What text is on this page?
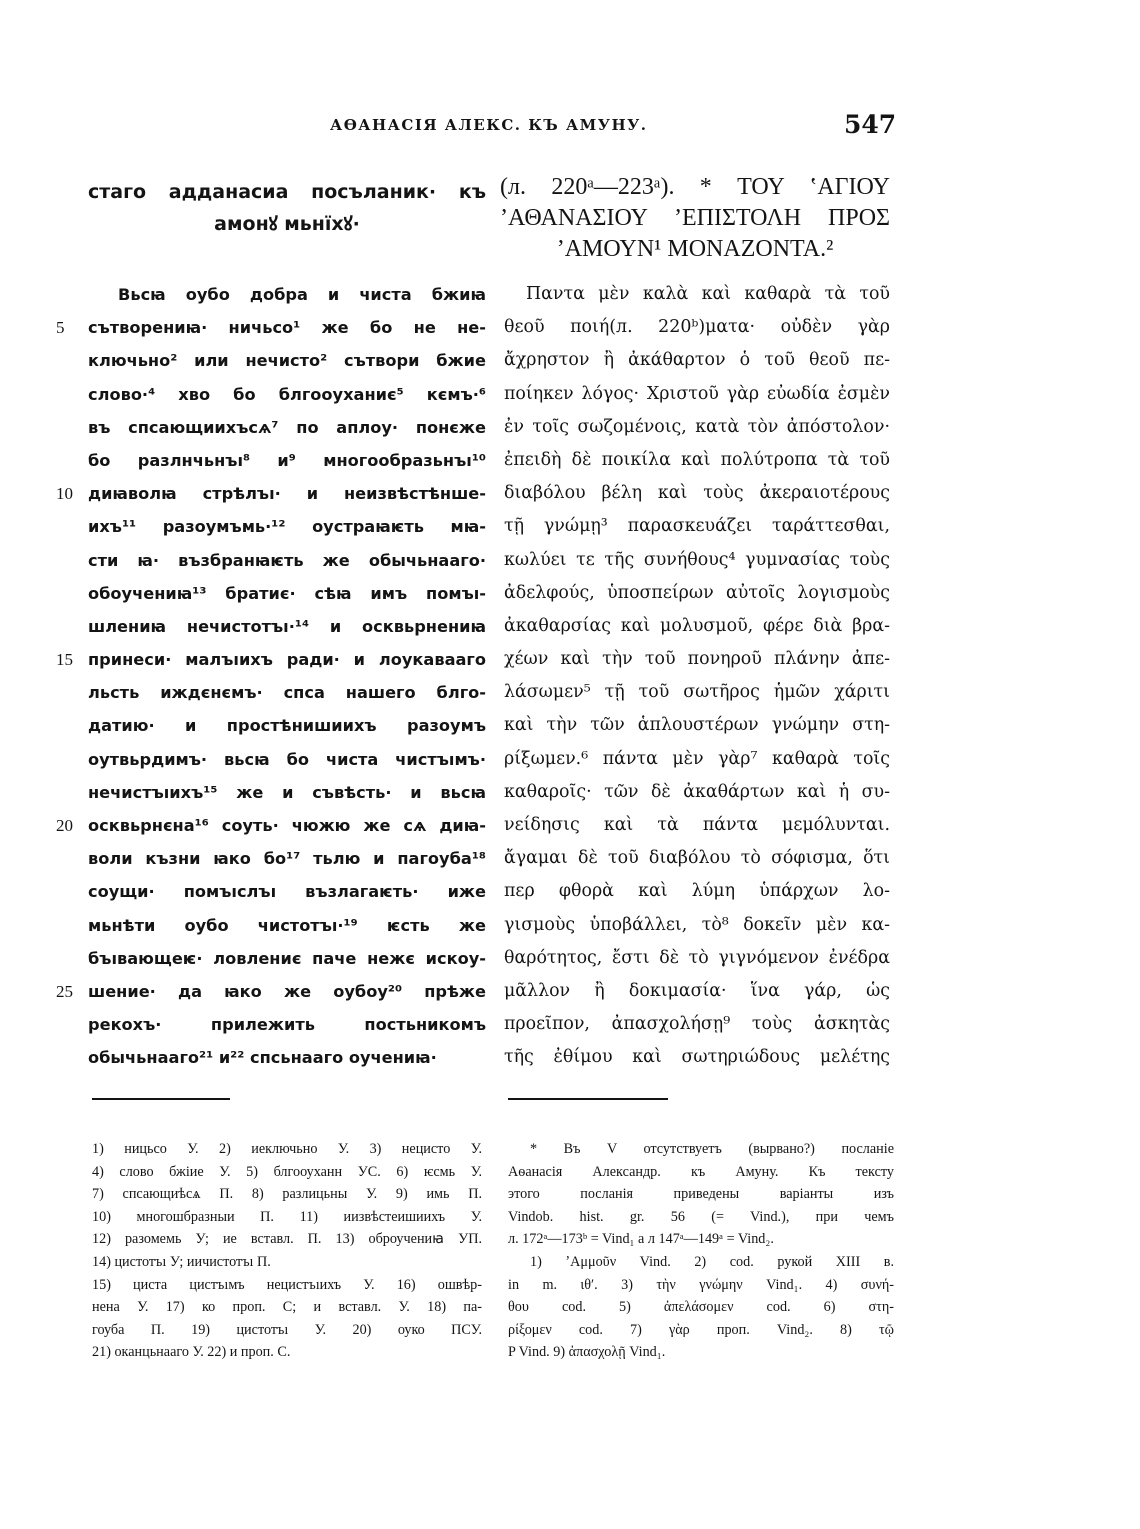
АѲАНАСІЯ АЛЕКС. КЪ АМУНУ.	547
стаго адданасиа посъланик· къ
амонꙋ мьнїхꙋ·
(л. 220ᵃ—223ᵃ). * ΤΟΥ ʽΑΓΙΟΥ
ʼΑΘΑΝΑΣΙΟΥ ʼΕΠΙΣΤΟΛΗ ΠΡΟΣ
ʼΑΜΟΥΝ¹ ΜΟΝΑΖΟΝΤΑ.²
5
10
15
20
25
Вьсꙗ оубо добра и чиста бжиꙗ
сътворениꙗ· ничьсо¹ же бо не не-
ключьно² или нечисто² сътвори бжие
слово·⁴ хво бо блгооуханиє⁵ кємъ·⁶
въ спсающиихъсѧ⁷ по аплоу· понєже
бо разлнчьнъı⁸ и⁹ многообразьнъı¹⁰
диꙗволꙗ стрѣлъı· и неизвѣстѣнше-
ихъ¹¹ разоумъмь·¹² оустраꙗѥть мꙗ-
сти ꙗ· възбранꙗѥть же обычьнааго·
обоучениꙗ¹³ братиє· сѣꙗ имъ помъı-
шлениꙗ нечистотъı·¹⁴ и осквьрнениꙗ
принеси· малъıихъ ради· и лоукавааго
льсть иждєнємъ· спса нашего блго-
датию· и простѣнишиихъ разоумъ
оутвьрдимъ· вьсꙗ бо чиста чистъıмъ·
нечистъıихъ¹⁵ же и съвѣсть· и вьсꙗ
осквьрнєна¹⁶ соуть· чюжю же сѧ диꙗ-
воли къзни ꙗко бо¹⁷ тьлю и пагоуба¹⁸
соущи· помъıслъı възлагаѥть· иже
мьнѣти оубо чистотъı·¹⁹ ѥсть же
бъıвающеѥ· ловлениє паче нежє искоу-
шение· да ꙗко же оубоу²⁰ прѣже
рекохъ· прилежить постьникомъ
обычьнааго²¹ и²² спсьнааго оучениꙗ·
Παντα μὲν καλὰ καὶ καθαρὰ τὰ τοῦ
θεοῦ ποιή(л. 220ᵇ)ματα· οὐδὲν γὰρ
ἄχρηστον ἢ ἀκάθαρτον ὁ τοῦ θεοῦ πε-
ποίηκεν λόγος· Χριστοῦ γὰρ εὐωδία ἐσμὲν
ἐν τοῖς σωζομένοις, κατὰ τὸν ἀπόστολον·
ἐπειδὴ δὲ ποικίλα καὶ πολύτροπα τὰ τοῦ
διαβόλου βέλη καὶ τοὺς ἀκεραιοτέρους
τῇ γνώμῃ³ παρασκευάζει ταράττεσθαι,
κωλύει τε τῆς συνήθους⁴ γυμνασίας τοὺς
ἀδελφούς, ὑποσπείρων αὐτοῖς λογισμοὺς
ἀκαθαρσίας καὶ μολυσμοῦ, φέρε διὰ βρα-
χέων καὶ τὴν τοῦ πονηροῦ πλάνην ἀπε-
λάσωμεν⁵ τῇ τοῦ σωτῆρος ἡμῶν χάριτι
καὶ τὴν τῶν ἁπλουστέρων γνώμην στη-
ρίξωμεν.⁶ πάντα μὲν γὰρ⁷ καθαρὰ τοῖς
καθαροῖς· τῶν δὲ ἀκαθάρτων καὶ ἡ συ-
νείδησις καὶ τὰ πάντα μεμόλυνται.
ἄγαμαι δὲ τοῦ διαβόλου τὸ σόφισμα, ὅτι
περ φθορὰ καὶ λύμη ὑπάρχων λο-
γισμοὺς ὑποβάλλει, τὸ⁸ δοκεῖν μὲν κα-
θαρότητος, ἔστι δὲ τὸ γιγνόμενον ἐνέδρα
μᾶλλον ἢ δοκιμασία· ἵνα γάρ, ὡς
προεῖπον, ἀπασχολήσῃ⁹ τοὺς ἀσκητὰς
τῆς ἐθίμου καὶ σωτηριώδους μελέτης
1) ницьсо У. 2) иеключьно У. 3) нецисто У.
4) слово бжiие У. 5) блгооуханн УС. 6) ѥсмь У.
7) спсающиѣсѧ П. 8) разлицьны У. 9) имь П.
10) многошбразныи П. 11) иизвѣстеишиихъ У.
12) разомемь У; ие вставл. П. 13) оброучениꙗ УП.
14) цистотъı У; иичистотъı П.
15) циста цистъıмъ нецистъıихъ У. 16) ошвѣр-
нена У. 17) ко проп. С; и вставл. У. 18) па-
гоуба П. 19) цистотъı У. 20) оуко ПСУ.
21) оканцьнааго У. 22) и проп. С.
* Въ V отсутствуетъ (вырвано?) посланіе
Аѳанасія Александр. къ Амуну. Къ тексту
этого посланія приведены варіанты изъ
Vindob. hist. gr. 56 (= Vind.), при чемъ
л. 172ᵃ—173ᵇ = Vind₁ а л 147ᵃ—149ᵃ = Vind₂.
1) ʼΑμμοῦν Vind. 2) cod. рукой XIII в.
in m. ιθʹ. 3) τὴν γνώμην Vind₁. 4) συνή-
θου cod. 5) ἀπελάσομεν cod. 6) στη-
ρίξομεν cod. 7) γὰρ проп. Vind₂. 8) τῷ
P Vind. 9) ἀπασχολῇ Vind₁.
